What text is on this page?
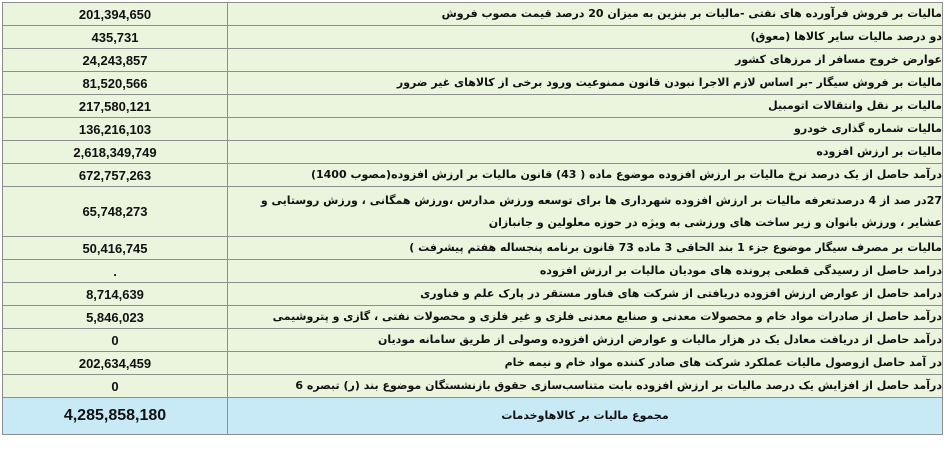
201,394,650	مالیات بر فروش فرآورده های نفتی -مالیات بر بنزین به میزان 20 درصد قیمت مصوب فروش
435,731	دو درصد مالیات سایر کالاها (معوق)
24,243,857	عوارض خروج مسافر از مرزهای کشور
81,520,566	مالیات بر فروش سیگار -بر اساس لازم الاجرا نبودن قانون ممنوعیت ورود برخی از کالاهای غیر ضرور
217,580,121	مالیات بر نقل وانتقالات اتومبیل
136,216,103	مالیات شماره گذاری خودرو
2,618,349,749	مالیات بر ارزش افزوده
672,757,263	درآمد حاصل از یک درصد نرخ مالیات بر ارزش افزوده موضوع ماده ( 43) قانون مالیات بر ارزش افزوده(مصوب 1400)
65,748,273	27در صد از 4 درصدتعرفه مالیات بر ارزش افزوده شهرداری ها برای توسعه ورزش مدارس ،ورزش همگانی ، ورزش روستایی و عشایر ، ورزش بانوان و زیر ساخت های ورزشی به ویژه در حوزه معلولین و جانبازان
50,416,745	مالیات بر مصرف سیگار موضوع جزء 1 بند الحاقی 3 ماده 73 قانون برنامه پنجساله هفتم پیشرفت )
.	درامد حاصل از رسیدگی قطعی پرونده های مودیان مالیات بر ارزش افزوده
8,714,639	درامد حاصل از عوارض ارزش افزوده دریافتی از شرکت های فناور مستقر در پارک علم و فناوری
5,846,023	درآمد حاصل از صادرات مواد خام و محصولات معدنی و صنایع معدنی فلزی و غیر فلزی و محصولات نفتی ، گازی و پتروشیمی
0	درآمد حاصل از دریافت معادل یک در هزار مالیات و عوارض ارزش افزوده وصولی از طریق سامانه مودیان
202,634,459	در آمد حاصل ازوصول مالیات عملکرد شرکت های صادر کننده مواد خام و نیمه خام
0	درآمد حاصل از افزایش یک درصد مالیات بر ارزش افزوده بابت متناسب‌سازی حقوق بازنشستگان موضوع بند (ر) تبصره 6
4,285,858,180	مجموع مالیات بر کالاهاوخدمات
